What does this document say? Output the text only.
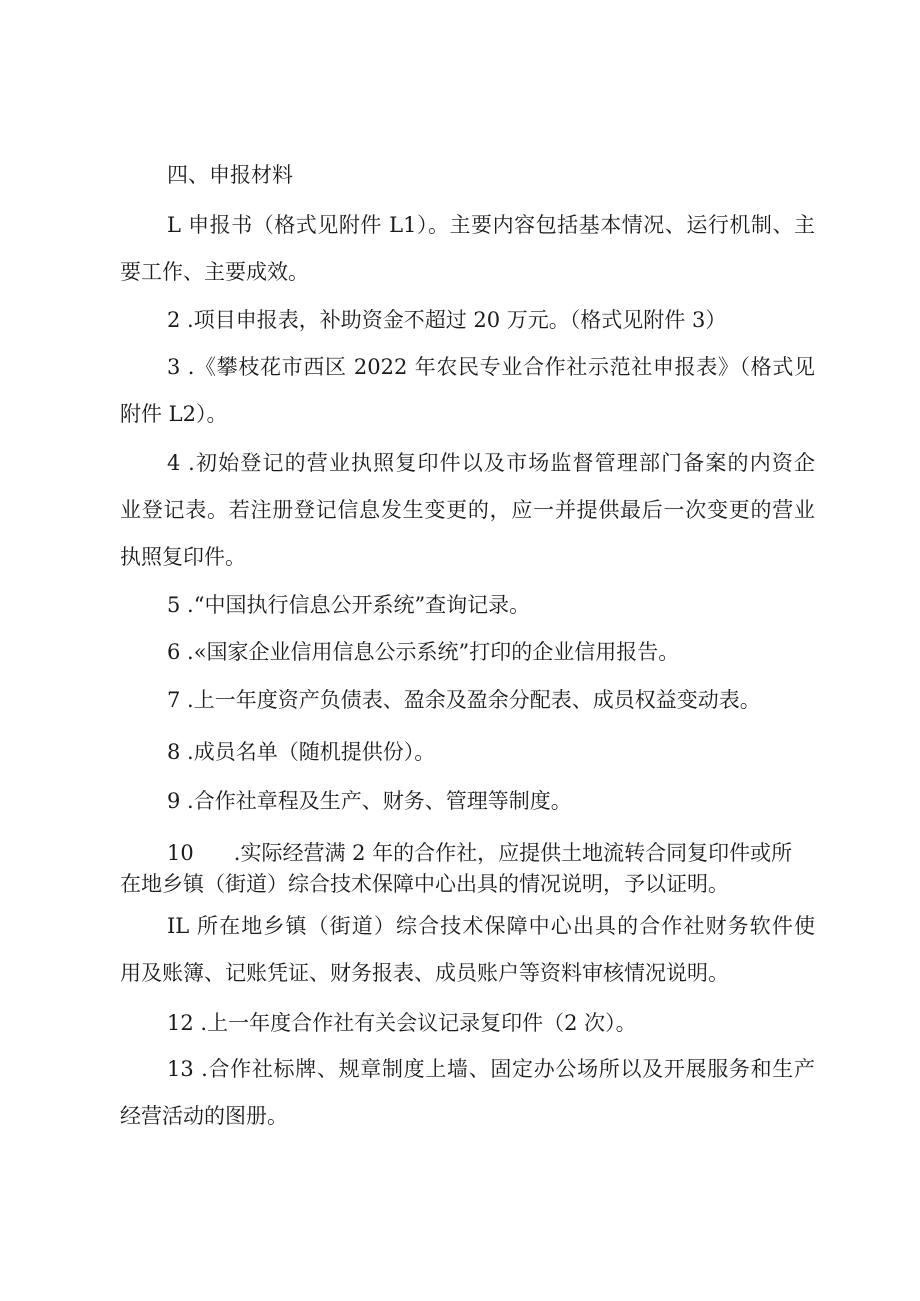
四、申报材料
L 申报书（格式见附件 L1）。主要内容包括基本情况、运行机制、主
要工作、主要成效。
2 .项目申报表，补助资金不超过 20 万元。（格式见附件 3）
3 .《攀枝花市西区 2022 年农民专业合作社示范社申报表》（格式见
附件 L2）。
4 .初始登记的营业执照复印件以及市场监督管理部门备案的内资企
业登记表。若注册登记信息发生变更的，应一并提供最后一次变更的营业
执照复印件。
5 .“中国执行信息公开系统”查询记录。
6 .«国家企业信用信息公示系统”打印的企业信用报告。
7 .上一年度资产负债表、盈余及盈余分配表、成员权益变动表。
8 .成员名单（随机提供份）。
9 .合作社章程及生产、财务、管理等制度。
10      .实际经营满 2 年的合作社，应提供土地流转合同复印件或所
在地乡镇（街道）综合技术保障中心出具的情况说明，予以证明。
IL 所在地乡镇（街道）综合技术保障中心出具的合作社财务软件使
用及账簿、记账凭证、财务报表、成员账户等资料审核情况说明。
12 .上一年度合作社有关会议记录复印件（2 次）。
13 .合作社标牌、规章制度上墙、固定办公场所以及开展服务和生产
经营活动的图册。
